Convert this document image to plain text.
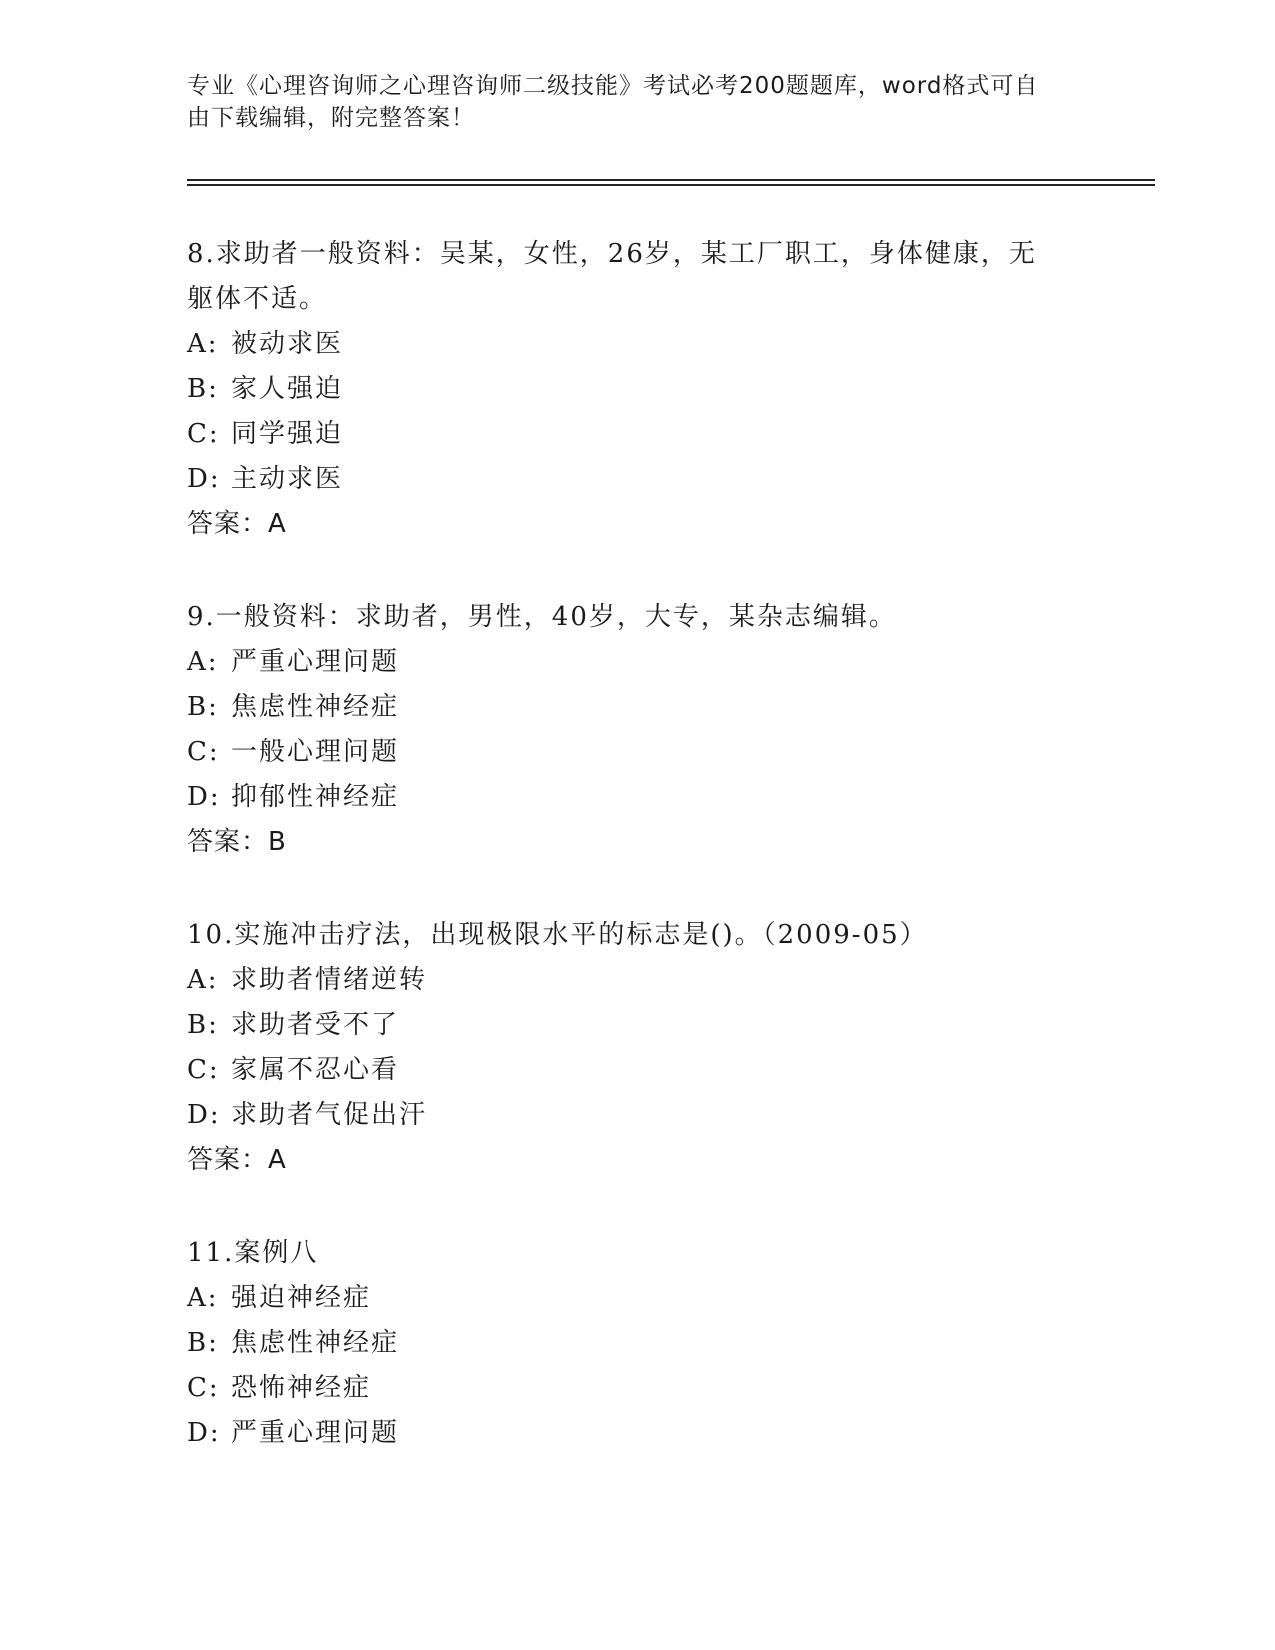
专业《心理咨询师之心理咨询师二级技能》考试必考200题题库，word格式可自
由下载编辑，附完整答案！

8.求助者一般资料：吴某，女性，26岁，某工厂职工，身体健康，无
躯体不适。

A: 被动求医

B: 家人强迫

C: 同学强迫

D: 主动求医

答案：A

9.一般资料：求助者，男性，40岁，大专，某杂志编辑。

A: 严重心理问题

B: 焦虑性神经症

C: 一般心理问题

D: 抑郁性神经症

答案：B

10.实施冲击疗法，出现极限水平的标志是()。（2009-05）

A: 求助者情绪逆转

B: 求助者受不了

C: 家属不忍心看

D: 求助者气促出汗

答案：A

11.案例八

A: 强迫神经症

B: 焦虑性神经症

C: 恐怖神经症

D: 严重心理问题
